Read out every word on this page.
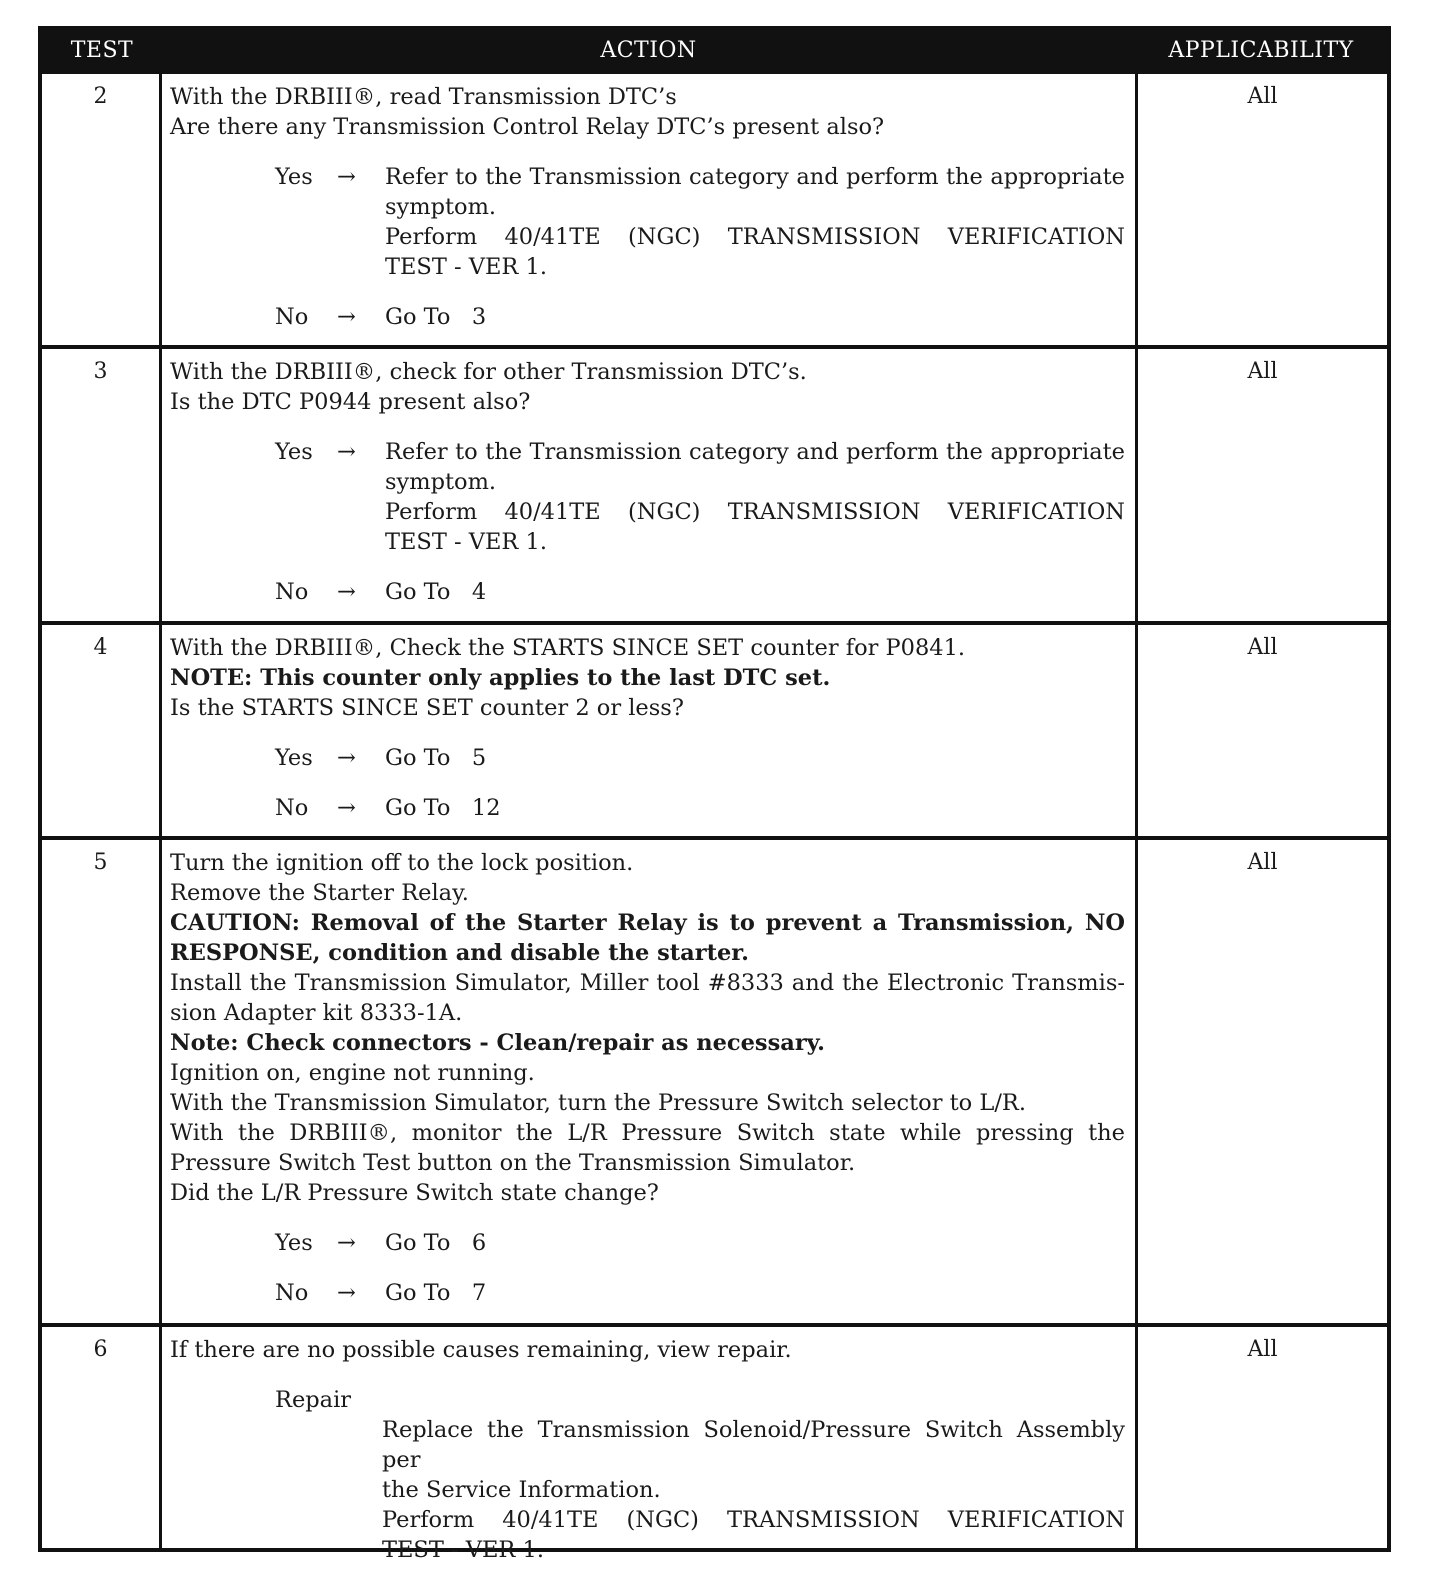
TEST	ACTION	APPLICABILITY
2	With the DRBIII®, read Transmission DTC’s
Are there any Transmission Control Relay DTC’s present also?
Yes	→	Refer to the Transmission category and perform the appropriate
symptom.
Perform 40/41TE (NGC) TRANSMISSION VERIFICATION
TEST - VER 1.
No	→	Go To   3
All
3	With the DRBIII®, check for other Transmission DTC’s.
Is the DTC P0944 present also?
Yes	→	Refer to the Transmission category and perform the appropriate
symptom.
Perform 40/41TE (NGC) TRANSMISSION VERIFICATION
TEST - VER 1.
No	→	Go To   4
All
4	With the DRBIII®, Check the STARTS SINCE SET counter for P0841.
NOTE: This counter only applies to the last DTC set.
Is the STARTS SINCE SET counter 2 or less?
Yes	→	Go To   5
No	→	Go To   12
All
5	Turn the ignition off to the lock position.
Remove the Starter Relay.
CAUTION: Removal of the Starter Relay is to prevent a Transmission, NO
RESPONSE, condition and disable the starter.
Install the Transmission Simulator, Miller tool #8333 and the Electronic Transmis-
sion Adapter kit 8333-1A.
Note: Check connectors - Clean/repair as necessary.
Ignition on, engine not running.
With the Transmission Simulator, turn the Pressure Switch selector to L/R.
With the DRBIII®, monitor the L/R Pressure Switch state while pressing the
Pressure Switch Test button on the Transmission Simulator.
Did the L/R Pressure Switch state change?
Yes	→	Go To   6
No	→	Go To   7
All
6	If there are no possible causes remaining, view repair.
Repair
Replace the Transmission Solenoid/Pressure Switch Assembly per
the Service Information.
Perform 40/41TE (NGC) TRANSMISSION VERIFICATION
TEST - VER 1.
All
